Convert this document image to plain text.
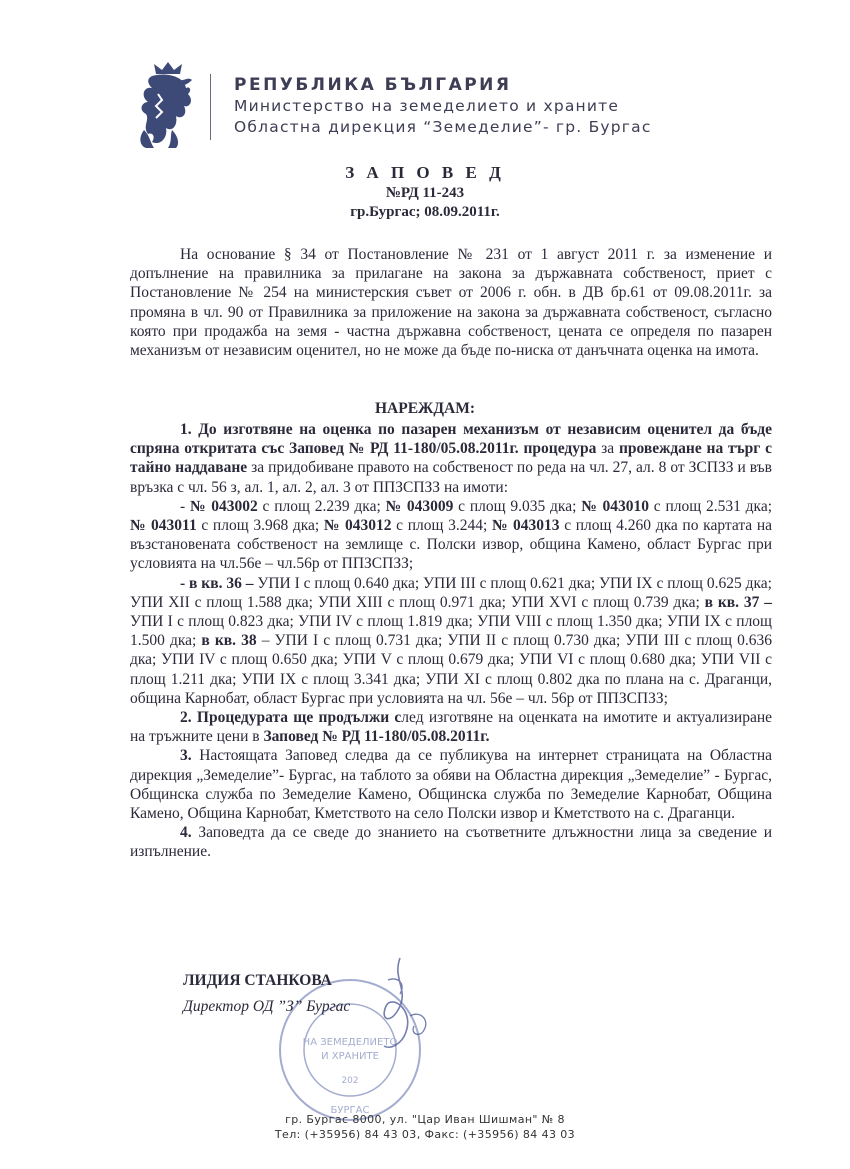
РЕПУБЛИКА БЪЛГАРИЯ
Министерство на земеделието и храните
Областна дирекция “Земеделие”- гр. Бургас
З А П О В Е Д
№РД 11-243
гр.Бургас; 08.09.2011г.
На основание § 34 от Постановление № 231 от 1 август 2011 г. за изменение и допълнение на правилника за прилагане на закона за държавната собственост, приет с Постановление № 254 на министерския съвет от 2006 г. обн. в ДВ бр.61 от 09.08.2011г. за промяна в чл. 90 от Правилника за приложение на закона за държавната собственост, съгласно която при продажба на земя - частна държавна собственост, цената се определя по пазарен механизъм от независим оценител, но не може да бъде по-ниска от данъчната оценка на имота.
НАРЕЖДАМ:

1. До изготвяне на оценка по пазарен механизъм от независим оценител да бъде спряна откритата със Заповед № РД 11-180/05.08.2011г. процедура за провеждане на търг с тайно наддаване за придобиване правото на собственост по реда на чл. 27, ал. 8 от ЗСПЗЗ и във връзка с чл. 56 з, ал. 1, ал. 2, ал. 3 от ППЗСПЗЗ на имоти:

- № 043002 с площ 2.239 дка; № 043009 с площ 9.035 дка; № 043010 с площ 2.531 дка; № 043011 с площ 3.968 дка; № 043012 с площ 3.244; № 043013 с площ 4.260 дка по картата на възстановената собственост на землище с. Полски извор, община Камено, област Бургас при условията на чл.56е – чл.56р от ППЗСПЗЗ;

- в кв. 36 – УПИ I с площ 0.640 дка; УПИ III с площ 0.621 дка; УПИ IX с площ 0.625 дка; УПИ XII с площ 1.588 дка; УПИ XIII с площ 0.971 дка; УПИ XVI с площ 0.739 дка; в кв. 37 – УПИ I с площ 0.823 дка; УПИ IV с площ 1.819 дка; УПИ VIII с площ 1.350 дка; УПИ IX с площ 1.500 дка; в кв. 38 – УПИ I с площ 0.731 дка; УПИ II с площ 0.730 дка; УПИ III с площ 0.636 дка; УПИ IV с площ 0.650 дка; УПИ V с площ 0.679 дка; УПИ VI с площ 0.680 дка; УПИ VII с площ 1.211 дка; УПИ IX с площ 3.341 дка; УПИ XI с площ 0.802 дка по плана на с. Драганци, община Карнобат, област Бургас при условията на чл. 56е – чл. 56р от ППЗСПЗЗ;

2. Процедурата ще продължи след изготвяне на оценката на имотите и актуализиране на тръжните цени в Заповед № РД 11-180/05.08.2011г.

3. Настоящата Заповед следва да се публикува на интернет страницата на Областна дирекция „Земеделие”- Бургас, на таблото за обяви на Областна дирекция „Земеделие” - Бургас, Общинска служба по Земеделие Камено, Общинска служба по Земеделие Карнобат, Община Камено, Община Карнобат, Кметството на село Полски извор и Кметството на с. Драганци.

4. Заповедта да се сведе до знанието на съответните длъжностни лица за сведение и изпълнение.

НА ЗЕМЕДЕЛИЕТО
И ХРАНИТЕ
202
БУРГАС
ЛИДИЯ СТАНКОВА
Директор ОД ”З” Бургас
гр. Бургас 8000, ул. "Цар Иван Шишман" № 8
Тел: (+35956) 84 43 03, Факс: (+35956) 84 43 03
